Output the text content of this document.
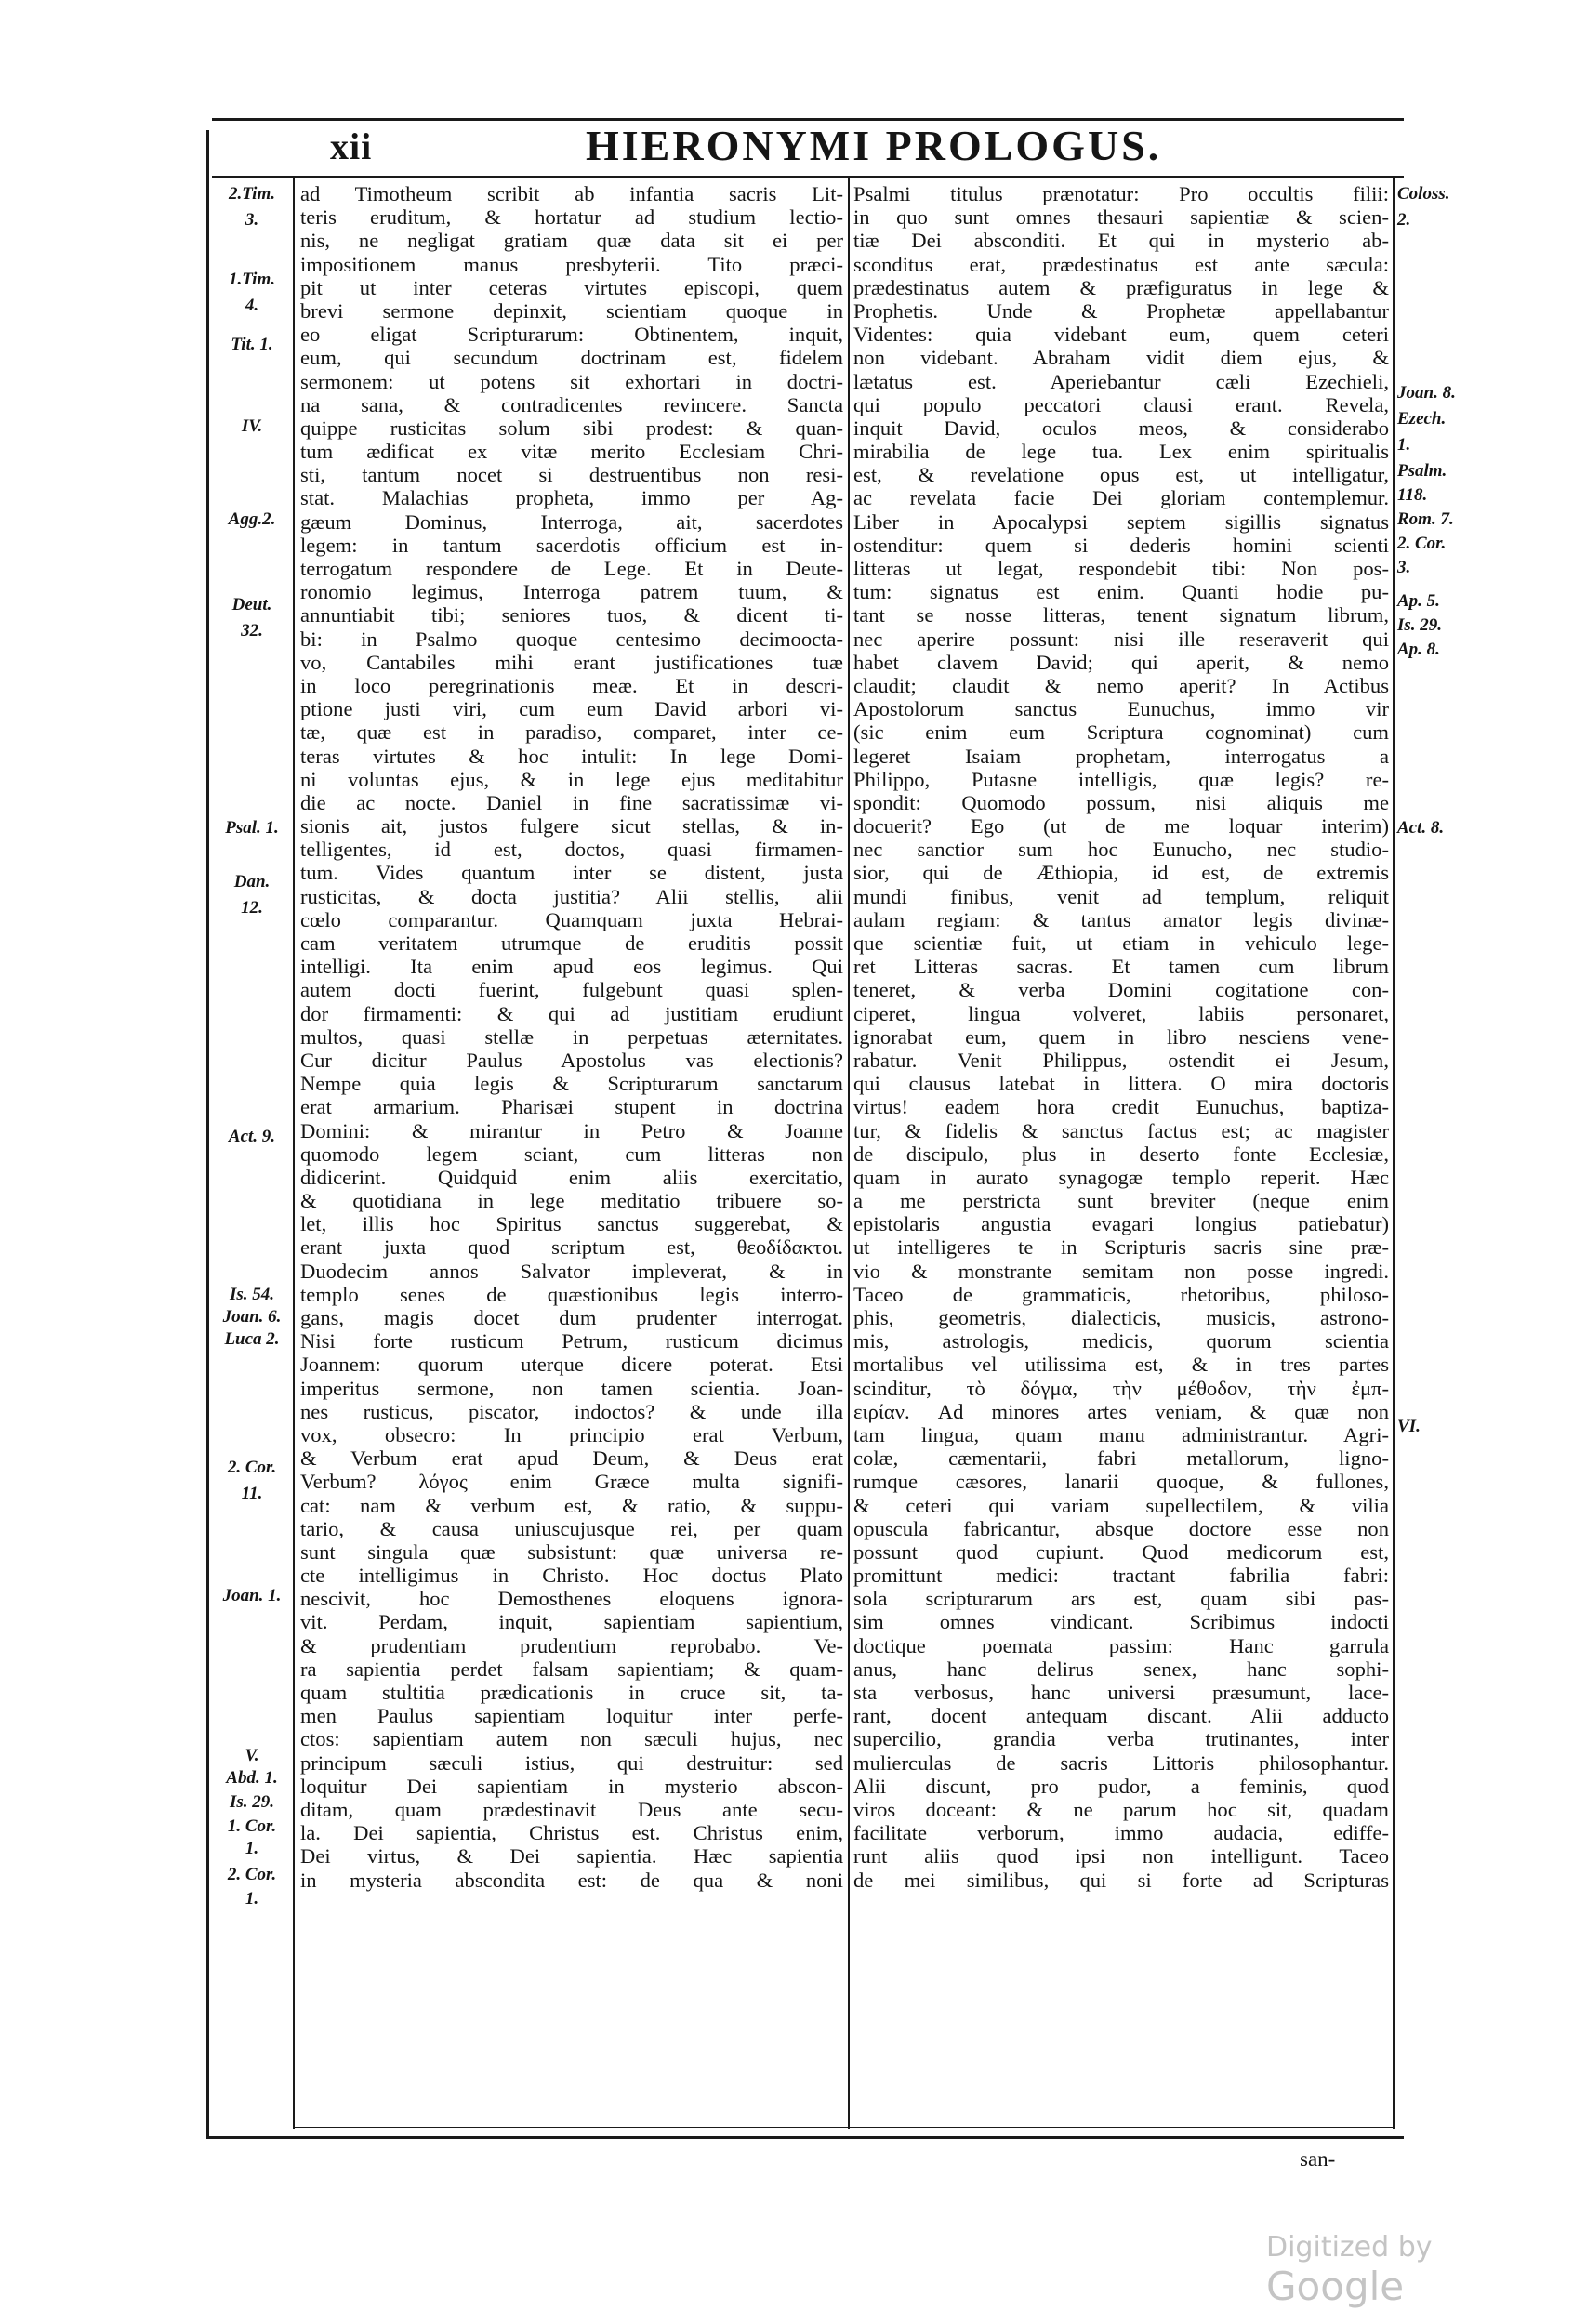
xii	HIERONYMI PROLOGUS.
ad Timotheum scribit ab infantia sacris Lit-
teris eruditum, & hortatur ad studium lectio-
nis, ne negligat gratiam quæ data sit ei per
impositionem manus presbyterii. Tito præci-
pit ut inter ceteras virtutes episcopi, quem
brevi sermone depinxit, scientiam quoque in
eo eligat Scripturarum: Obtinentem, inquit,
eum, qui secundum doctrinam est, fidelem
sermonem: ut potens sit exhortari in doctri-
na sana, & contradicentes revincere. Sancta
quippe rusticitas solum sibi prodest: & quan-
tum ædificat ex vitæ merito Ecclesiam Chri-
sti, tantum nocet si destruentibus non resi-
stat. Malachias propheta, immo per Ag-
gæum Dominus, Interroga, ait, sacerdotes
legem: in tantum sacerdotis officium est in-
terrogatum respondere de Lege. Et in Deute-
ronomio legimus, Interroga patrem tuum, &
annuntiabit tibi; seniores tuos, & dicent ti-
bi: in Psalmo quoque centesimo decimoocta-
vo, Cantabiles mihi erant justificationes tuæ
in loco peregrinationis meæ. Et in descri-
ptione justi viri, cum eum David arbori vi-
tæ, quæ est in paradiso, comparet, inter ce-
teras virtutes & hoc intulit: In lege Domi-
ni voluntas ejus, & in lege ejus meditabitur
die ac nocte. Daniel in fine sacratissimæ vi-
sionis ait, justos fulgere sicut stellas, & in-
telligentes, id est, doctos, quasi firmamen-
tum. Vides quantum inter se distent, justa
rusticitas, & docta justitia? Alii stellis, alii
cœlo comparantur. Quamquam juxta Hebrai-
cam veritatem utrumque de eruditis possit
intelligi. Ita enim apud eos legimus. Qui
autem docti fuerint, fulgebunt quasi splen-
dor firmamenti: & qui ad justitiam erudiunt
multos, quasi stellæ in perpetuas æternitates.
Cur dicitur Paulus Apostolus vas electionis?
Nempe quia legis & Scripturarum sanctarum
erat armarium. Pharisæi stupent in doctrina
Domini: & mirantur in Petro & Joanne
quomodo legem sciant, cum litteras non
didicerint. Quidquid enim aliis exercitatio,
& quotidiana in lege meditatio tribuere so-
let, illis hoc Spiritus sanctus suggerebat, &
erant juxta quod scriptum est, θεοδίδακτοι.
Duodecim annos Salvator impleverat, & in
templo senes de quæstionibus legis interro-
gans, magis docet dum prudenter interrogat.
Nisi forte rusticum Petrum, rusticum dicimus
Joannem: quorum uterque dicere poterat. Etsi
imperitus sermone, non tamen scientia. Joan-
nes rusticus, piscator, indoctos? & unde illa
vox, obsecro: In principio erat Verbum,
& Verbum erat apud Deum, & Deus erat
Verbum? λόγος enim Græce multa signifi-
cat: nam & verbum est, & ratio, & suppu-
tario, & causa uniuscujusque rei, per quam
sunt singula quæ subsistunt: quæ universa re-
cte intelligimus in Christo. Hoc doctus Plato
nescivit, hoc Demosthenes eloquens ignora-
vit. Perdam, inquit, sapientiam sapientium,
& prudentiam prudentium reprobabo. Ve-
ra sapientia perdet falsam sapientiam; & quam-
quam stultitia prædicationis in cruce sit, ta-
men Paulus sapientiam loquitur inter perfe-
ctos: sapientiam autem non sæculi hujus, nec
principum sæculi istius, qui destruitur: sed
loquitur Dei sapientiam in mysterio abscon-
ditam, quam prædestinavit Deus ante secu-
la. Dei sapientia, Christus est. Christus enim,
Dei virtus, & Dei sapientia. Hæc sapientia
in mysteria abscondita est: de qua & noni
Psalmi titulus prænotatur: Pro occultis filii:
in quo sunt omnes thesauri sapientiæ & scien-
tiæ Dei absconditi. Et qui in mysterio ab-
sconditus erat, prædestinatus est ante sæcula:
prædestinatus autem & præfiguratus in lege &
Prophetis. Unde & Prophetæ appellabantur
Videntes: quia videbant eum, quem ceteri
non videbant. Abraham vidit diem ejus, &
lætatus est. Aperiebantur cæli Ezechieli,
qui populo peccatori clausi erant. Revela,
inquit David, oculos meos, & considerabo
mirabilia de lege tua. Lex enim spiritualis
est, & revelatione opus est, ut intelligatur,
ac revelata facie Dei gloriam contemplemur.
Liber in Apocalypsi septem sigillis signatus
ostenditur: quem si dederis homini scienti
litteras ut legat, respondebit tibi: Non pos-
tum: signatus est enim. Quanti hodie pu-
tant se nosse litteras, tenent signatum librum,
nec aperire possunt: nisi ille reseraverit qui
habet clavem David; qui aperit, & nemo
claudit; claudit & nemo aperit? In Actibus
Apostolorum sanctus Eunuchus, immo vir
(sic enim eum Scriptura cognominat) cum
legeret Isaiam prophetam, interrogatus a
Philippo, Putasne intelligis, quæ legis? re-
spondit: Quomodo possum, nisi aliquis me
docuerit? Ego (ut de me loquar interim)
nec sanctior sum hoc Eunucho, nec studio-
sior, qui de Æthiopia, id est, de extremis
mundi finibus, venit ad templum, reliquit
aulam regiam: & tantus amator legis divinæ-
que scientiæ fuit, ut etiam in vehiculo lege-
ret Litteras sacras. Et tamen cum librum
teneret, & verba Domini cogitatione con-
ciperet, lingua volveret, labiis personaret,
ignorabat eum, quem in libro nesciens vene-
rabatur. Venit Philippus, ostendit ei Jesum,
qui clausus latebat in littera. O mira doctoris
virtus! eadem hora credit Eunuchus, baptiza-
tur, & fidelis & sanctus factus est; ac magister
de discipulo, plus in deserto fonte Ecclesiæ,
quam in aurato synagogæ templo reperit. Hæc
a me perstricta sunt breviter (neque enim
epistolaris angustia evagari longius patiebatur)
ut intelligeres te in Scripturis sacris sine præ-
vio & monstrante semitam non posse ingredi.
Taceo de grammaticis, rhetoribus, philoso-
phis, geometris, dialecticis, musicis, astrono-
mis, astrologis, medicis, quorum scientia
mortalibus vel utilissima est, & in tres partes
scinditur, τὸ δόγμα, τὴν μέθοδον, τὴν ἐμπ-
ειρίαν. Ad minores artes veniam, & quæ non
tam lingua, quam manu administrantur. Agri-
colæ, cæmentarii, fabri metallorum, ligno-
rumque cæsores, lanarii quoque, & fullones,
& ceteri qui variam supellectilem, & vilia
opuscula fabricantur, absque doctore esse non
possunt quod cupiunt. Quod medicorum est,
promittunt medici: tractant fabrilia fabri:
sola scripturarum ars est, quam sibi pas-
sim omnes vindicant. Scribimus indocti
doctique poemata passim: Hanc garrula
anus, hanc delirus senex, hanc sophi-
sta verbosus, hanc universi præsumunt, lace-
rant, docent antequam discant. Alii adducto
supercilio, grandia verba trutinantes, inter
mulierculas de sacris Littoris philosophantur.
Alii discunt, pro pudor, a feminis, quod
viros doceant: & ne parum hoc sit, quadam
facilitate verborum, immo audacia, ediffe-
runt aliis quod ipsi non intelligunt. Taceo
de mei similibus, qui si forte ad Scripturas
2.Tim.
3.
1.Tim.
4.
Tit. 1.
IV.
Agg.2.
Deut.
32.
Psal. 1.
Dan.
12.
Act. 9.
Is. 54.
Joan. 6.
Luca 2.
2. Cor.
11.
Joan. 1.
V.
Abd. 1.
Is. 29.
1. Cor.
1.
2. Cor.
1.
Coloss.
2.
Joan. 8.
Ezech.
1.
Psalm.
118.
Rom. 7.
2. Cor.
3.
Ap. 5.
Is. 29.
Ap. 8.
Act. 8.
VI.
san-
Digitized by Google
